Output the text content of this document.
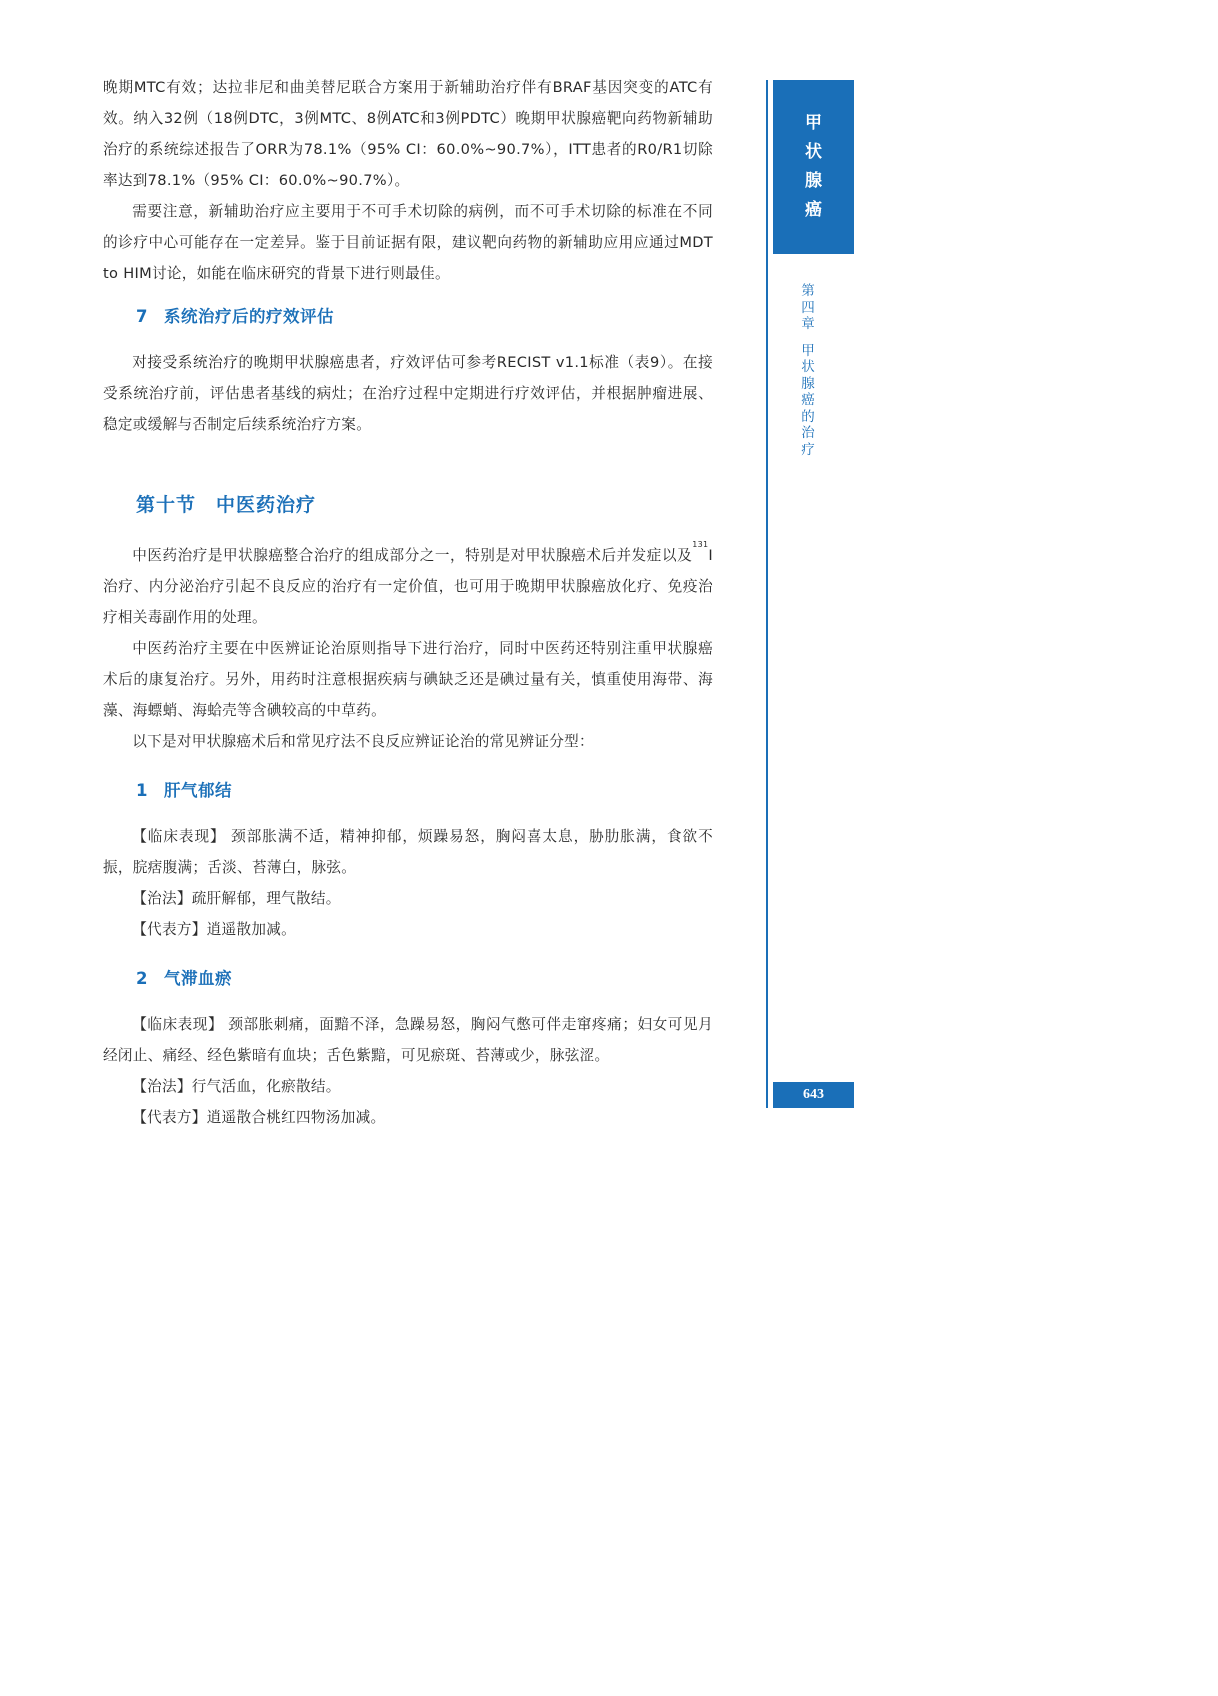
晚期MTC有效；达拉非尼和曲美替尼联合方案用于新辅助治疗伴有BRAF基因突变的ATC有效。纳入32例（18例DTC，3例MTC、8例ATC和3例PDTC）晚期甲状腺癌靶向药物新辅助治疗的系统综述报告了ORR为78.1%（95% CI：60.0%~90.7%），ITT患者的R0/R1切除率达到78.1%（95% CI：60.0%~90.7%）。

需要注意，新辅助治疗应主要用于不可手术切除的病例，而不可手术切除的标准在不同的诊疗中心可能存在一定差异。鉴于目前证据有限，建议靶向药物的新辅助应用应通过MDT to HIM讨论，如能在临床研究的背景下进行则最佳。

7 系统治疗后的疗效评估

对接受系统治疗的晚期甲状腺癌患者，疗效评估可参考RECIST v1.1标准（表9）。在接受系统治疗前，评估患者基线的病灶；在治疗过程中定期进行疗效评估，并根据肿瘤进展、稳定或缓解与否制定后续系统治疗方案。

第十节 中医药治疗

中医药治疗是甲状腺癌整合治疗的组成部分之一，特别是对甲状腺癌术后并发症以及$^{131}$I治疗、内分泌治疗引起不良反应的治疗有一定价值，也可用于晚期甲状腺癌放化疗、免疫治疗相关毒副作用的处理。

中医药治疗主要在中医辨证论治原则指导下进行治疗，同时中医药还特别注重甲状腺癌术后的康复治疗。另外，用药时注意根据疾病与碘缺乏还是碘过量有关，慎重使用海带、海藻、海螵蛸、海蛤壳等含碘较高的中草药。

以下是对甲状腺癌术后和常见疗法不良反应辨证论治的常见辨证分型：

1 肝气郁结

【临床表现】 颈部胀满不适，精神抑郁，烦躁易怒，胸闷喜太息，胁肋胀满，食欲不振，脘痞腹满；舌淡、苔薄白，脉弦。

【治法】疏肝解郁，理气散结。

【代表方】逍遥散加减。

2 气滞血瘀

【临床表现】 颈部胀刺痛，面黯不泽，急躁易怒，胸闷气憋可伴走窜疼痛；妇女可见月经闭止、痛经、经色紫暗有血块；舌色紫黯，可见瘀斑、苔薄或少，脉弦涩。

【治法】行气活血，化瘀散结。

【代表方】逍遥散合桃红四物汤加减。

甲
状
腺
癌
第四章
甲状腺癌的治疗
643
